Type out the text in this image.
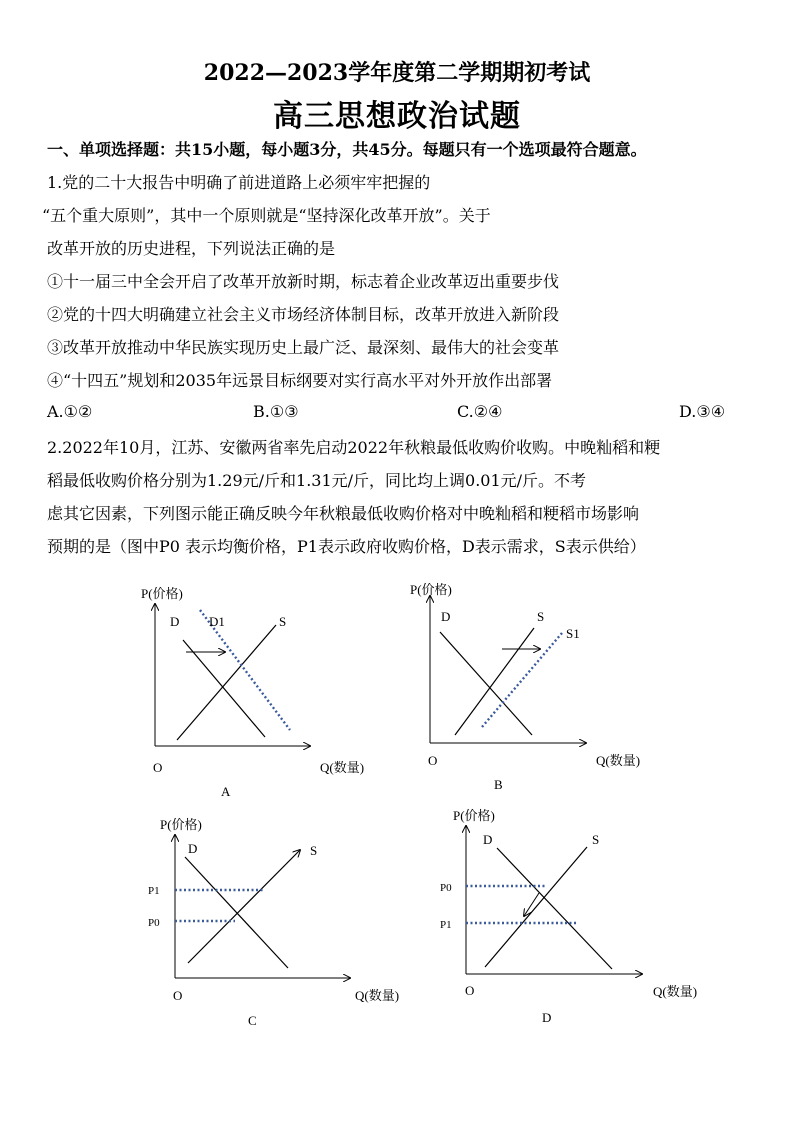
2022—2023学年度第二学期期初考试
高三思想政治试题
一、单项选择题：共15小题，每小题3分，共45分。每题只有一个选项最符合题意。
1.党的二十大报告中明确了前进道路上必须牢牢把握的
“五个重大原则”，其中一个原则就是“坚持深化改革开放”。关于
改革开放的历史进程，下列说法正确的是
①十一届三中全会开启了改革开放新时期，标志着企业改革迈出重要步伐
②党的十四大明确建立社会主义市场经济体制目标，改革开放进入新阶段
③改革开放推动中华民族实现历史上最广泛、最深刻、最伟大的社会变革
④“十四五”规划和2035年远景目标纲要对实行高水平对外开放作出部署
A.①②	B.①③	C.②④	D.③④
2.2022年10月，江苏、安徽两省率先启动2022年秋粮最低收购价收购。中晚籼稻和粳
稻最低收购价格分别为1.29元/斤和1.31元/斤，同比均上调0.01元/斤。不考
虑其它因素，下列图示能正确反映今年秋粮最低收购价格对中晚籼稻和粳稻市场影响
预期的是（图中P0 表示均衡价格，P1表示政府收购价格，D表示需求，S表示供给）
P(价格)
Q(数量)
O
D D1	S
A
P(价格)
Q(数量)
O
D	S
S1
B
P(价格)
Q(数量)
O
P1
P0
D	S
C
P(价格)
Q(数量)
O
P0
P1
D	S
D
